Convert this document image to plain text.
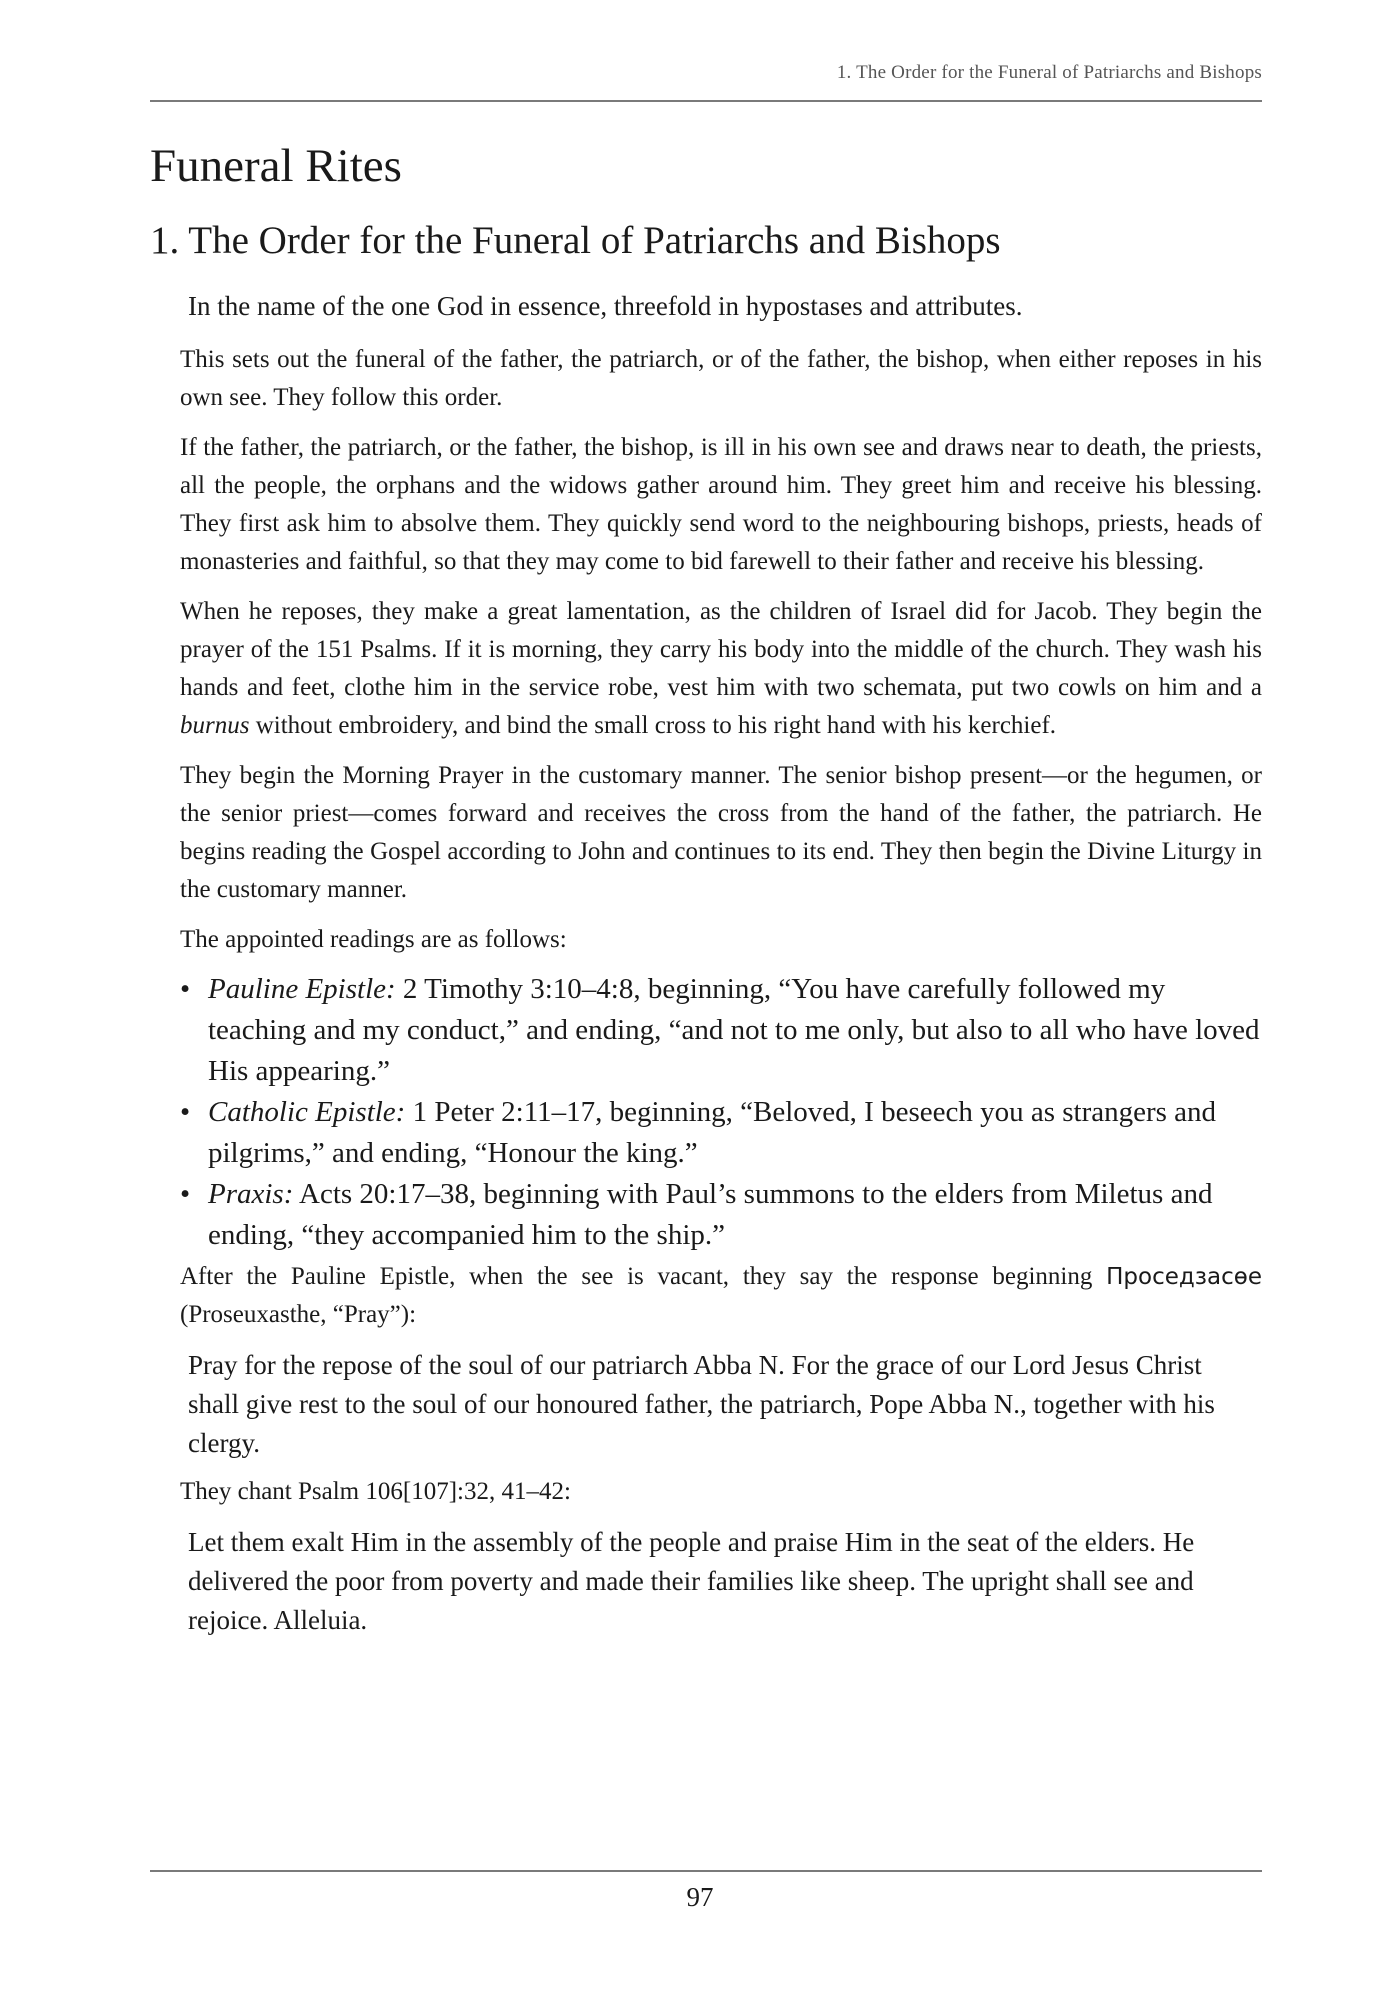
1. The Order for the Funeral of Patriarchs and Bishops
Funeral Rites
1. The Order for the Funeral of Patriarchs and Bishops
In the name of the one God in essence, threefold in hypostases and attributes.

This sets out the funeral of the father, the patriarch, or of the father, the bishop, when either reposes in his own see. They follow this order.

If the father, the patriarch, or the father, the bishop, is ill in his own see and draws near to death, the priests, all the people, the orphans and the widows gather around him. They greet him and receive his blessing. They first ask him to absolve them. They quickly send word to the neighbouring bishops, priests, heads of monasteries and faithful, so that they may come to bid farewell to their father and receive his blessing.

When he reposes, they make a great lamentation, as the children of Israel did for Jacob. They begin the prayer of the 151 Psalms. If it is morning, they carry his body into the middle of the church. They wash his hands and feet, clothe him in the service robe, vest him with two schemata, put two cowls on him and a burnus without embroidery, and bind the small cross to his right hand with his kerchief.

They begin the Morning Prayer in the customary manner. The senior bishop present—or the hegumen, or the senior priest—comes forward and receives the cross from the hand of the father, the patriarch. He begins reading the Gospel according to John and continues to its end. They then begin the Divine Liturgy in the customary manner.

The appointed readings are as follows:

• Pauline Epistle: 2 Timothy 3:10–4:8, beginning, “You have carefully followed my teaching and my conduct,” and ending, “and not to me only, but also to all who have loved His appearing.”
• Catholic Epistle: 1 Peter 2:11–17, beginning, “Beloved, I beseech you as strangers and pilgrims,” and ending, “Honour the king.”
• Praxis: Acts 20:17–38, beginning with Paul’s summons to the elders from Miletus and ending, “they accompanied him to the ship.”

After the Pauline Epistle, when the see is vacant, they say the response beginning Проседзасөе (Proseuxasthe, “Pray”):

Pray for the repose of the soul of our patriarch Abba N. For the grace of our Lord Jesus Christ shall give rest to the soul of our honoured father, the patriarch, Pope Abba N., together with his clergy.

They chant Psalm 106[107]:32, 41–42:

Let them exalt Him in the assembly of the people and praise Him in the seat of the elders. He delivered the poor from poverty and made their families like sheep. The upright shall see and rejoice. Alleluia.
97
